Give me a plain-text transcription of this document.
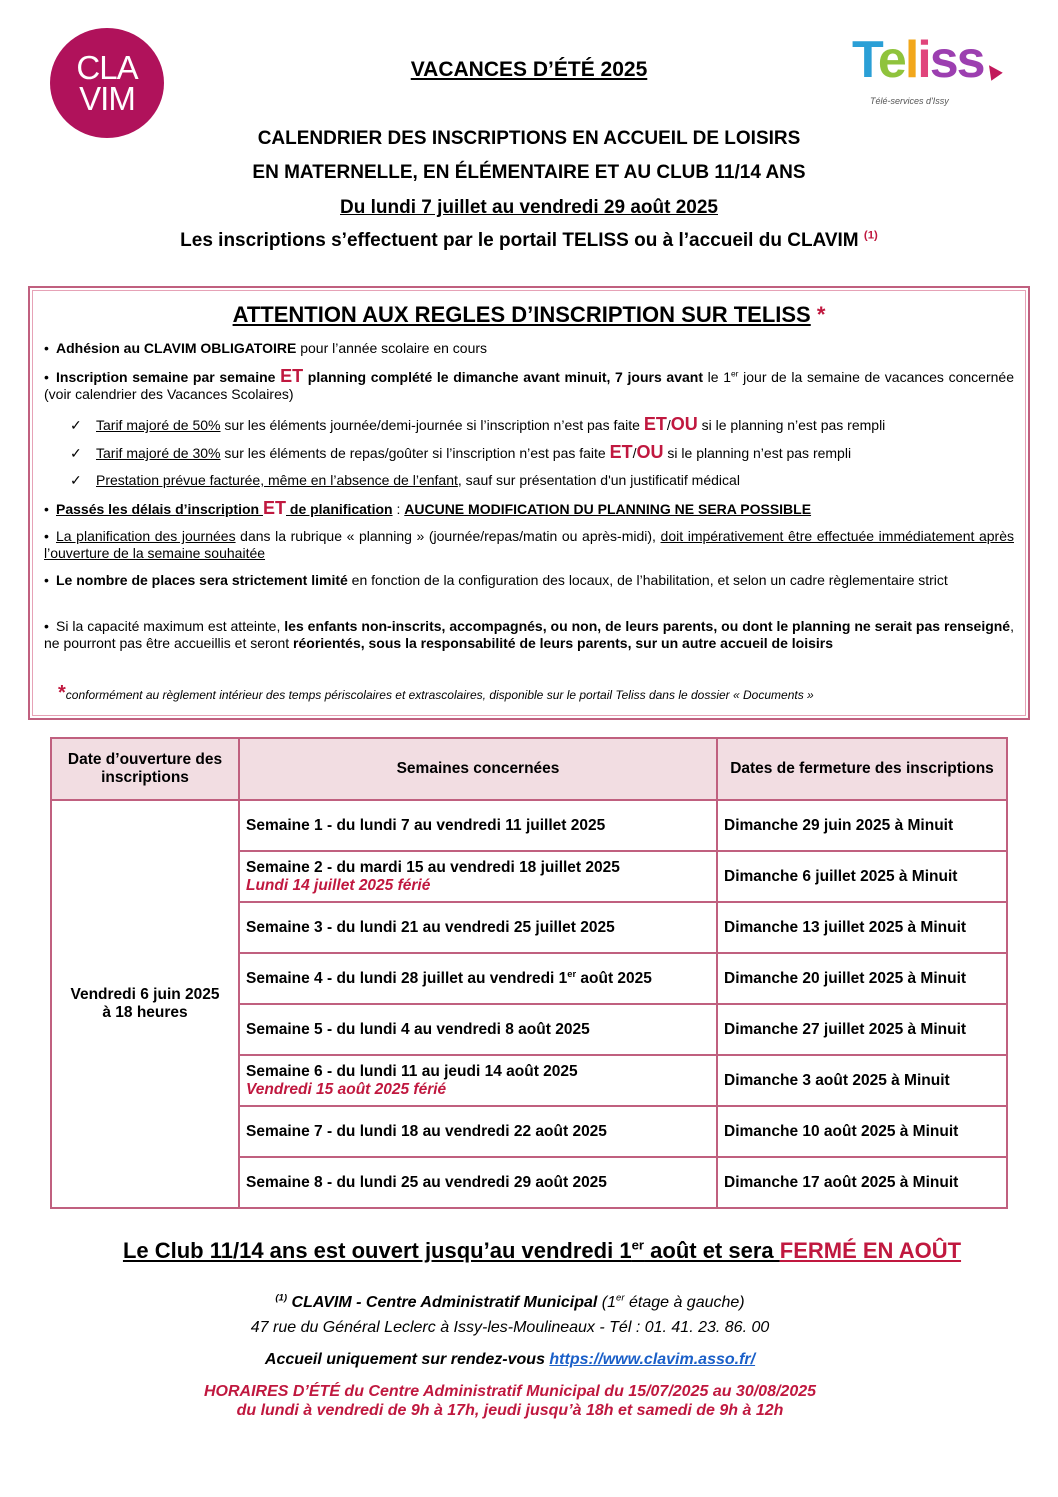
CLA
VIM
Teliss
Télé-services d'Issy
VACANCES D’ÉTÉ 2025
CALENDRIER DES INSCRIPTIONS EN ACCUEIL DE LOISIRS
EN MATERNELLE, EN ÉLÉMENTAIRE ET AU CLUB 11/14 ANS
Du lundi 7 juillet au vendredi 29 août 2025
Les inscriptions s’effectuent par le portail TELISS ou à l’accueil du CLAVIM $^{(1)}$
ATTENTION AUX REGLES D’INSCRIPTION SUR TELISS *
• Adhésion au CLAVIM OBLIGATOIRE pour l’année scolaire en cours
• Inscription semaine par semaine ET planning complété le dimanche avant minuit, 7 jours avant le 1er jour de la semaine de vacances concernée (voir calendrier des Vacances Scolaires)
✓ Tarif majoré de 50% sur les éléments journée/demi-journée si l’inscription n’est pas faite ET/OU si le planning n’est pas rempli
✓ Tarif majoré de 30% sur les éléments de repas/goûter si l’inscription n’est pas faite ET/OU si le planning n’est pas rempli
✓ Prestation prévue facturée, même en l’absence de l’enfant, sauf sur présentation d'un justificatif médical
• Passés les délais d’inscription ET de planification : AUCUNE MODIFICATION DU PLANNING NE SERA POSSIBLE
• La planification des journées dans la rubrique « planning » (journée/repas/matin ou après-midi), doit impérativement être effectuée immédiatement après l’ouverture de la semaine souhaitée
• Le nombre de places sera strictement limité en fonction de la configuration des locaux, de l’habilitation, et selon un cadre règlementaire strict
• Si la capacité maximum est atteinte, les enfants non-inscrits, accompagnés, ou non, de leurs parents, ou dont le planning ne serait pas renseigné, ne pourront pas être accueillis et seront réorientés, sous la responsabilité de leurs parents, sur un autre accueil de loisirs
*conformément au règlement intérieur des temps périscolaires et extrascolaires, disponible sur le portail Teliss dans le dossier « Documents »
Date d’ouverture des inscriptions	Semaines concernées	Dates de fermeture des inscriptions
Vendredi 6 juin 2025
à 18 heures	Semaine 1 - du lundi 7 au vendredi 11 juillet 2025	Dimanche 29 juin 2025 à Minuit
	Semaine 2 - du mardi 15 au vendredi 18 juillet 2025
Lundi 14 juillet 2025 férié	Dimanche 6 juillet 2025 à Minuit
	Semaine 3 - du lundi 21 au vendredi 25 juillet 2025	Dimanche 13 juillet 2025 à Minuit
	Semaine 4 - du lundi 28 juillet au vendredi 1er août 2025	Dimanche 20 juillet 2025 à Minuit
	Semaine 5 - du lundi 4 au vendredi 8 août 2025	Dimanche 27 juillet 2025 à Minuit
	Semaine 6 - du lundi 11 au jeudi 14 août 2025
Vendredi 15 août 2025 férié	Dimanche 3 août 2025 à Minuit
	Semaine 7 - du lundi 18 au vendredi 22 août 2025	Dimanche 10 août 2025 à Minuit
	Semaine 8 - du lundi 25 au vendredi 29 août 2025	Dimanche 17 août 2025 à Minuit
Le Club 11/14 ans est ouvert jusqu’au vendredi 1er août et sera FERMÉ EN AOÛT
$^{(1)}$ CLAVIM - Centre Administratif Municipal (1er étage à gauche)
47 rue du Général Leclerc à Issy-les-Moulineaux - Tél : 01. 41. 23. 86. 00
Accueil uniquement sur rendez-vous https://www.clavim.asso.fr/
HORAIRES D’ÉTÉ du Centre Administratif Municipal du 15/07/2025 au 30/08/2025
du lundi à vendredi de 9h à 17h, jeudi jusqu’à 18h et samedi de 9h à 12h
